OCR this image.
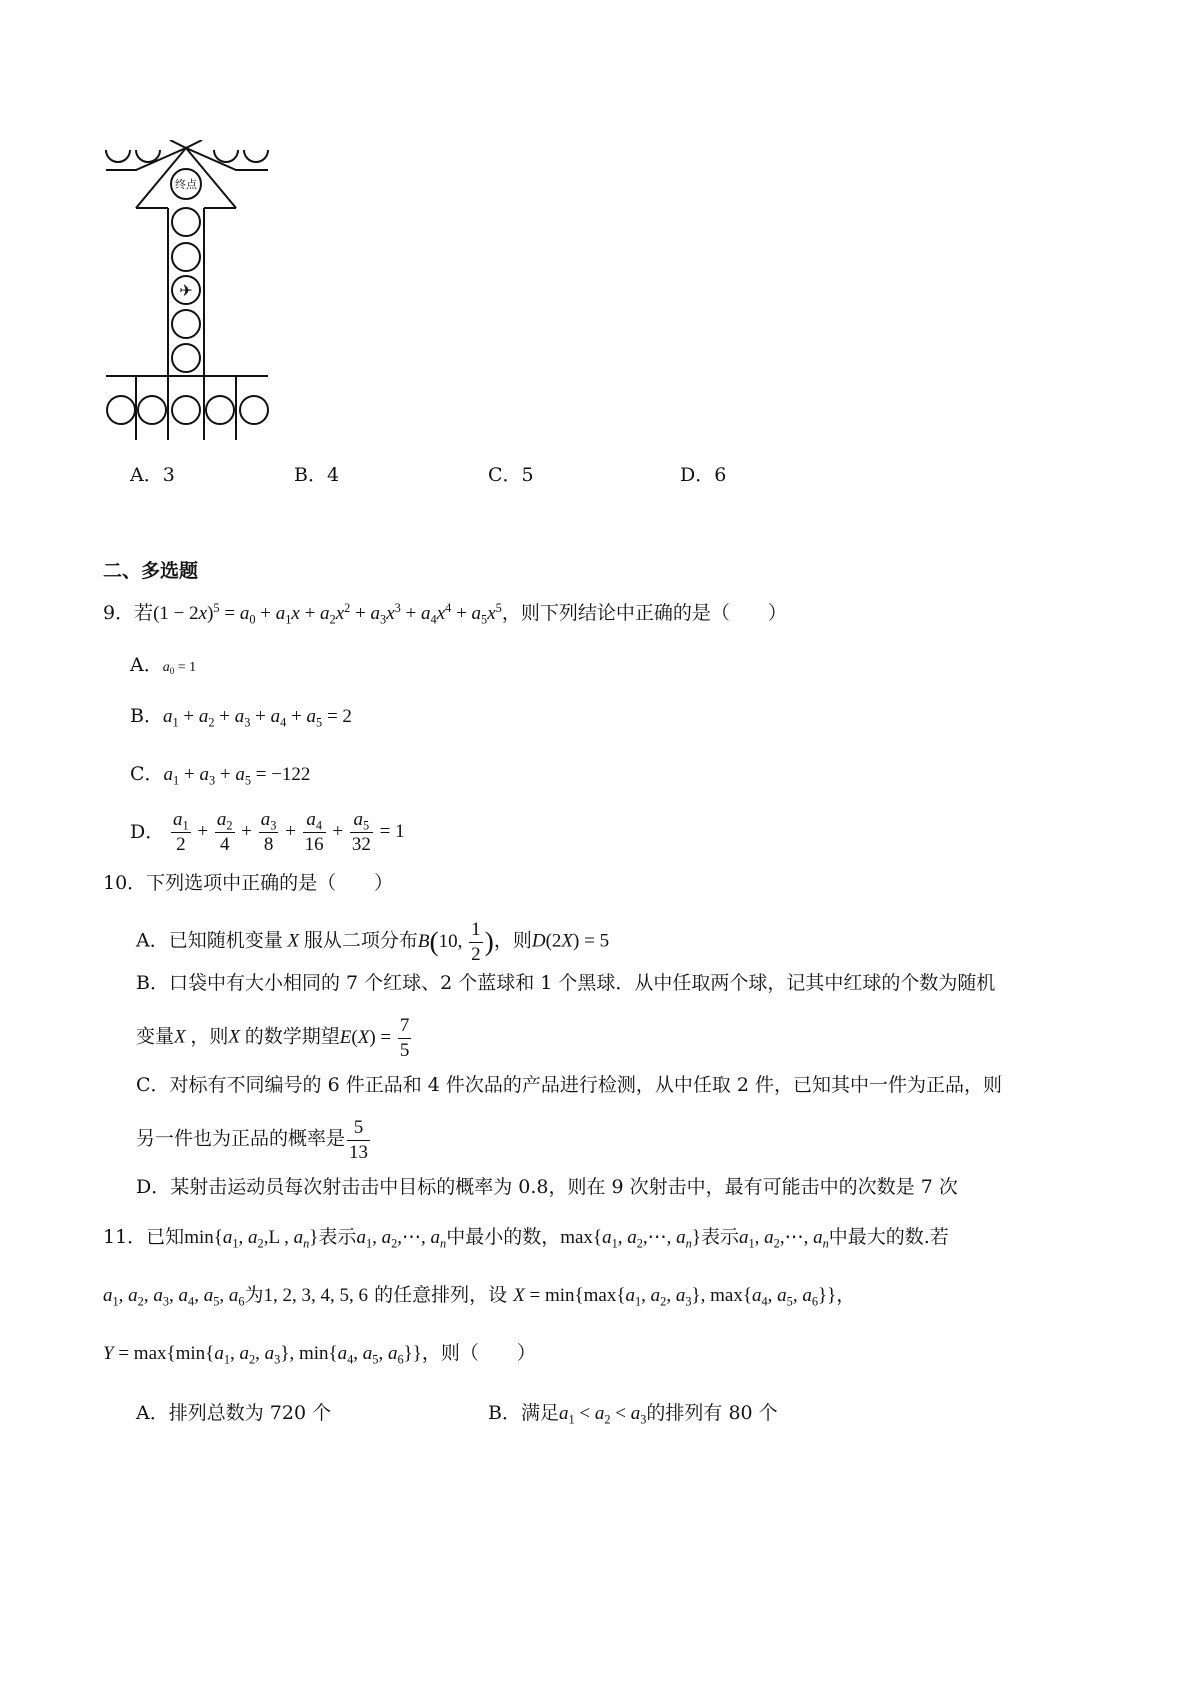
终点
✈
A．3	B．4	C．5	D．6
二、多选题
9．若$(1 - 2x)^5 = a_0 + a_1x + a_2x^2 + a_3x^3 + a_4x^4 + a_5x^5$，则下列结论中正确的是（　　）
A．$a_0 = 1$
B．$a_1 + a_2 + a_3 + a_4 + a_5 = 2$
C．$a_1 + a_3 + a_5 = -122$
D． $\frac{a_1}{2} + \frac{a_2}{4} + \frac{a_3}{8} + \frac{a_4}{16} + \frac{a_5}{32} = 1$
10．下列选项中正确的是（　　）
A．已知随机变量 X 服从二项分布B(10, $\frac{1}{2}$ )，则D(2X) = 5
B．口袋中有大小相同的 7 个红球、2 个蓝球和 1 个黑球．从中任取两个球，记其中红球的个数为随机
变量X ，则X 的数学期望$E(X) = \frac{7}{5}$
C．对标有不同编号的 6 件正品和 4 件次品的产品进行检测，从中任取 2 件，已知其中一件为正品，则
另一件也为正品的概率是 $\frac{5}{13}$
D．某射击运动员每次射击击中目标的概率为 0.8，则在 9 次射击中，最有可能击中的次数是 7 次
11．已知$\min\{a_1$, $a_2,L$ , $a_n$}表示$a_1$, $a_2,\cdots$, $a_n$中最小的数，$\max\{a_1$, $a_2,\cdots$, $a_n$}表示$a_1$, $a_2,\cdots$, $a_n$中最大的数.若
$a_1$, $a_2$, $a_3$, $a_4$, $a_5$, $a_6$为1, 2, 3, 4, 5, 6 的任意排列，设 $X = \min\{\max\{a_1$, $a_2$, $a_3$}, $\max\{a_4$, $a_5$, $a_6$}}，
$Y = \max\{\min\{a_1$, $a_2$, $a_3$}, $\min\{a_4$, $a_5$, $a_6$}}，则（　　）
A．排列总数为 720 个	B．满足$a_1 < a_2 < a_3$的排列有 80 个
